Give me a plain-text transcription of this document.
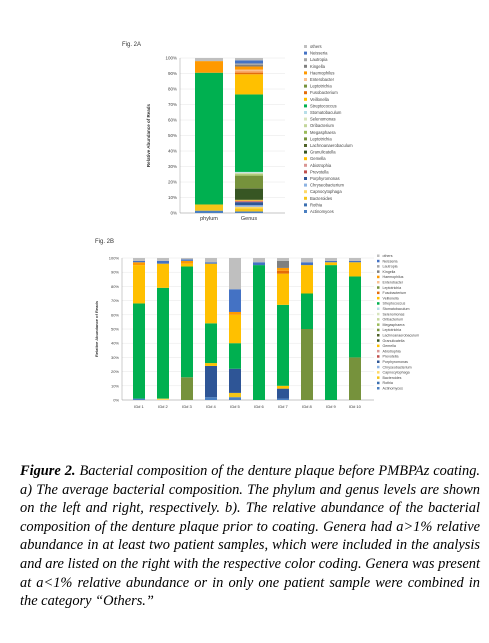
Fig. 2A
0%
10%
20%
30%
40%
50%
60%
70%
80%
90%
100%
Relative Abundance of Reads
phylum	Genus
others
Neisseria
Lautropia
Kingella
Haemophilus
Enterobacter
Leptotrichia
Fusobacterium
Veillonella
Streptococcus
Stomatobaculum
Selenomonas
Oribacterium
Megasphaera
Leptotrichia
Lachnoanaerobaculum
Granulicatella
Gemella
Abiotrophia
Prevotella
Porphyromonas
Chryseobacterium
Capnocytophaga
Bacteroides
Rothia
Actinomyces
Fig. 2B
0%
10%
20%
30%
40%
50%
60%
70%
80%
90%
100%
Relative Abundance of Reads
ID# 1	ID# 2	ID# 3	ID# 4	ID# 5	ID# 6	ID# 7	ID# 8	ID# 9	ID# 10
others
Neisseria
Lautropia
Kingella
Haemophilus
Enterobacter
Leptotrichia
Fusobacterium
Veillonella
Streptococcus
Stomatobaculum
Selenomonas
Oribacterium
Megasphaera
Leptotrichia
Lachnoanaerobaculum
Granulicatella
Gemella
Abiotrophia
Prevotella
Porphyromonas
Chryseobacterium
Capnocytophaga
Bacteroides
Rothia
Actinomyces
Figure 2. Bacterial composition of the denture plaque before PMBPAz coating. a) The average bacterial composition. The phylum and genus levels are shown on the left and right, respectively. b). The relative abundance of the bacterial composition of the denture plaque prior to coating. Genera had a>1% relative abundance in at least two patient samples, which were included in the analysis and are listed on the right with the respective color coding. Genera was present at a<1% relative abundance or in only one patient sample were combined in the category “Others.”
